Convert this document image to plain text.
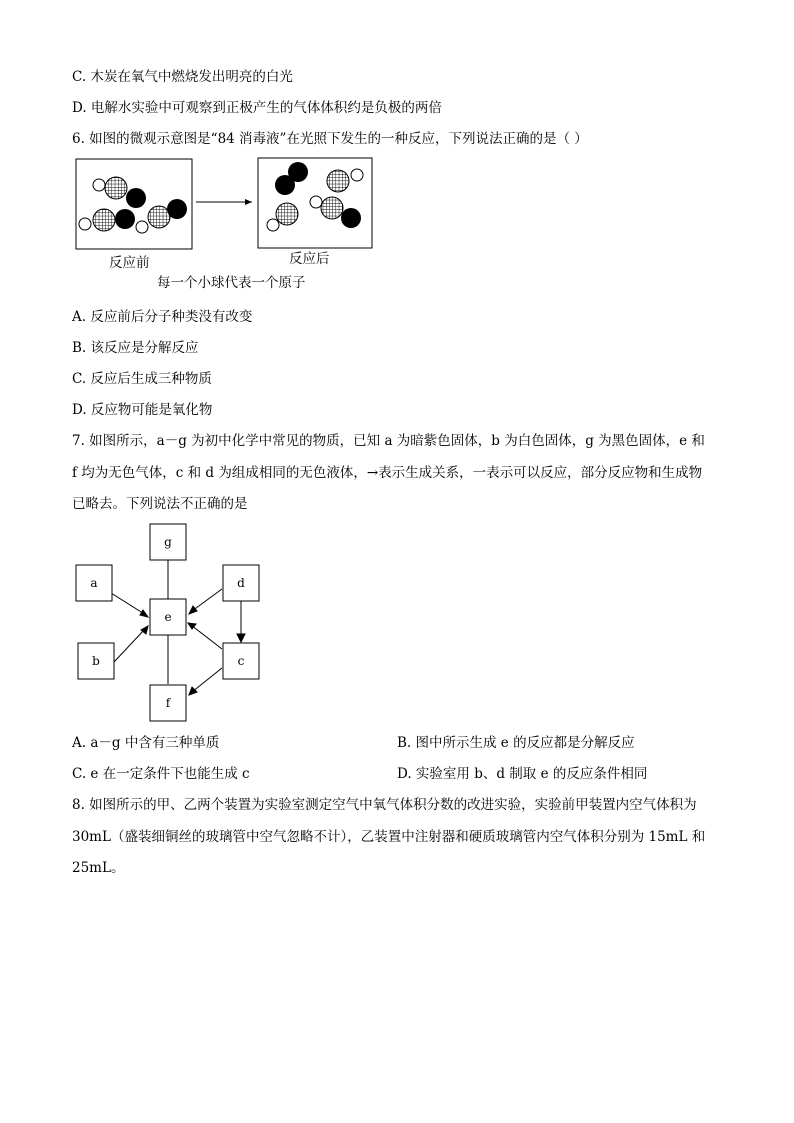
C. 木炭在氧气中燃烧发出明亮的白光
D. 电解水实验中可观察到正极产生的气体体积约是负极的两倍
6. 如图的微观示意图是“84 消毒液”在光照下发生的一种反应，下列说法正确的是（ ）
反应前	反应后
每一个小球代表一个原子
A. 反应前后分子种类没有改变
B. 该反应是分解反应
C. 反应后生成三种物质
D. 反应物可能是氧化物
7. 如图所示，a－g 为初中化学中常见的物质，已知 a 为暗紫色固体，b 为白色固体，g 为黑色固体，e 和
f 均为无色气体，c 和 d 为组成相同的无色液体，→表示生成关系，一表示可以反应，部分反应物和生成物
已略去。下列说法不正确的是
g
a	d
e
b	c
f
A. a－g 中含有三种单质	B. 图中所示生成 e 的反应都是分解反应
C. e 在一定条件下也能生成 c	D. 实验室用 b、d 制取 e 的反应条件相同
8. 如图所示的甲、乙两个装置为实验室测定空气中氧气体积分数的改进实验，实验前甲装置内空气体积为
30mL（盛装细铜丝的玻璃管中空气忽略不计），乙装置中注射器和硬质玻璃管内空气体积分别为 15mL 和
25mL。
